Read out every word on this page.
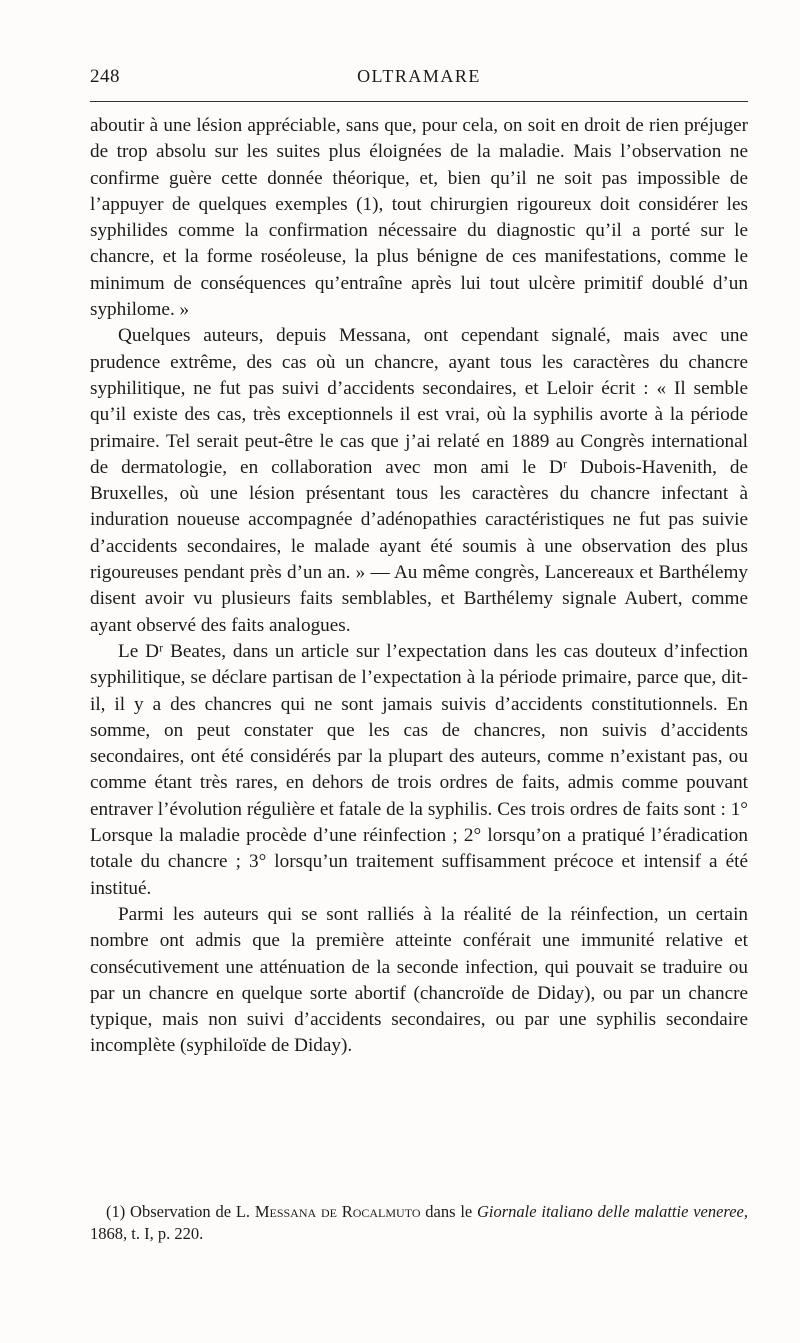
248	OLTRAMARE

aboutir à une lésion appréciable, sans que, pour cela, on soit en droit de rien préjuger de trop absolu sur les suites plus éloignées de la maladie. Mais l’observation ne confirme guère cette donnée théorique, et, bien qu’il ne soit pas impossible de l’appuyer de quelques exemples (1), tout chirurgien rigoureux doit considérer les syphilides comme la confirmation nécessaire du diagnostic qu’il a porté sur le chancre, et la forme roséoleuse, la plus bénigne de ces manifestations, comme le minimum de conséquences qu’entraîne après lui tout ulcère primitif doublé d’un syphilome. »

Quelques auteurs, depuis Messana, ont cependant signalé, mais avec une prudence extrême, des cas où un chancre, ayant tous les caractères du chancre syphilitique, ne fut pas suivi d’accidents secondaires, et Leloir écrit : « Il semble qu’il existe des cas, très exceptionnels il est vrai, où la syphilis avorte à la période primaire. Tel serait peut-être le cas que j’ai relaté en 1889 au Congrès international de dermatologie, en collaboration avec mon ami le Dʳ Dubois-Havenith, de Bruxelles, où une lésion présentant tous les caractères du chancre infectant à induration noueuse accompagnée d’adénopathies caractéristiques ne fut pas suivie d’accidents secondaires, le malade ayant été soumis à une observation des plus rigoureuses pendant près d’un an. » — Au même congrès, Lancereaux et Barthélemy disent avoir vu plusieurs faits semblables, et Barthélemy signale Aubert, comme ayant observé des faits analogues.

Le Dʳ Beates, dans un article sur l’expectation dans les cas douteux d’infection syphilitique, se déclare partisan de l’expectation à la période primaire, parce que, dit-il, il y a des chancres qui ne sont jamais suivis d’accidents constitutionnels. En somme, on peut constater que les cas de chancres, non suivis d’accidents secondaires, ont été considérés par la plupart des auteurs, comme n’existant pas, ou comme étant très rares, en dehors de trois ordres de faits, admis comme pouvant entraver l’évolution régulière et fatale de la syphilis. Ces trois ordres de faits sont : 1° Lorsque la maladie procède d’une réinfection ; 2° lorsqu’on a pratiqué l’éradication totale du chancre ; 3° lorsqu’un traitement suffisamment précoce et intensif a été institué.

Parmi les auteurs qui se sont ralliés à la réalité de la réinfection, un certain nombre ont admis que la première atteinte conférait une immunité relative et consécutivement une atténuation de la seconde infection, qui pouvait se traduire ou par un chancre en quelque sorte abortif (chancroïde de Diday), ou par un chancre typique, mais non suivi d’accidents secondaires, ou par une syphilis secondaire incomplète (syphiloïde de Diday).

(1) Observation de L. Messana de Rocalmuto dans le Giornale italiano delle malattie veneree, 1868, t. I, p. 220.
